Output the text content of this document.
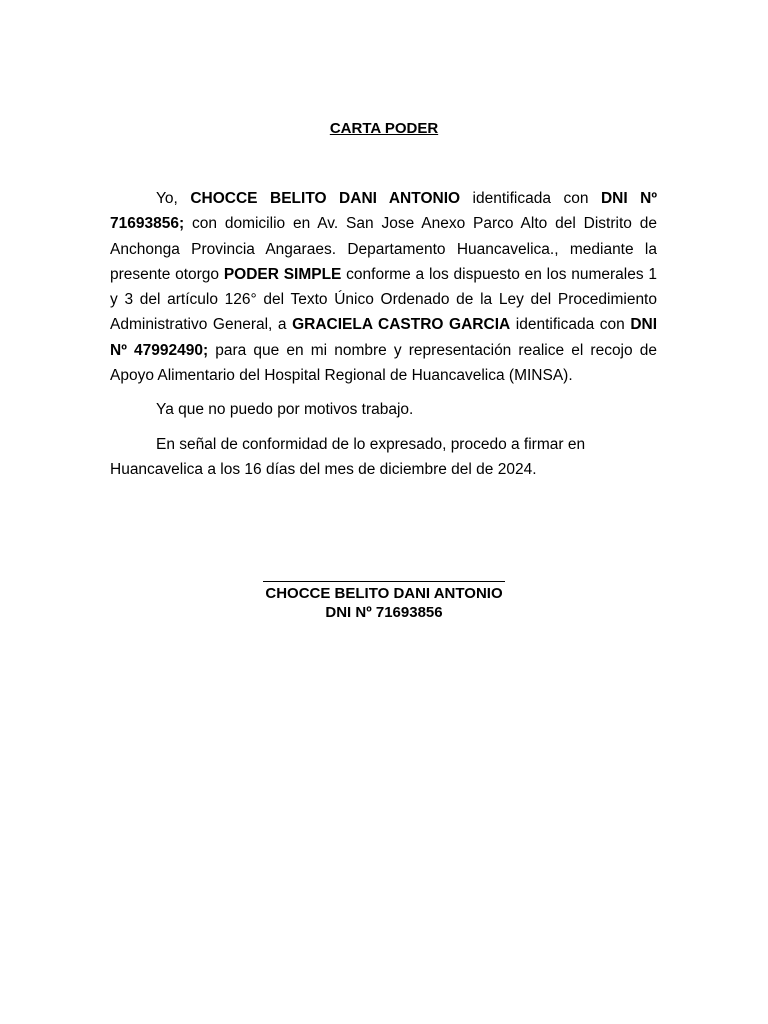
CARTA PODER

Yo, CHOCCE BELITO DANI ANTONIO identificada con DNI Nº 71693856; con domicilio en Av. San Jose Anexo Parco Alto del Distrito de Anchonga Provincia Angaraes. Departamento Huancavelica., mediante la presente otorgo PODER SIMPLE conforme a los dispuesto en los numerales 1 y 3 del artículo 126° del Texto Único Ordenado de la Ley del Procedimiento Administrativo General, a GRACIELA CASTRO GARCIA identificada con DNI Nº 47992490; para que en mi nombre y representación realice el recojo de Apoyo Alimentario del Hospital Regional de Huancavelica (MINSA).

Ya que no puedo por motivos trabajo.

En señal de conformidad de lo expresado, procedo a firmar en
Huancavelica a los 16 días del mes de diciembre del de 2024.

CHOCCE BELITO DANI ANTONIO
DNI Nº 71693856
